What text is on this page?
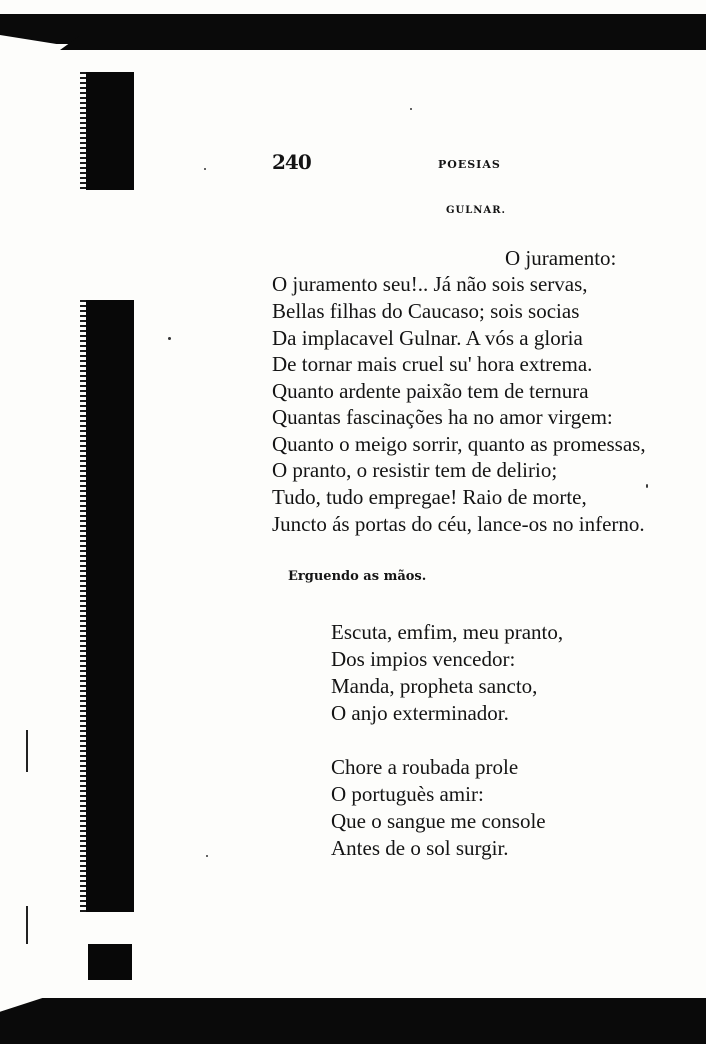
240	POESIAS
GULNAR.
O juramento:
O juramento seu!.. Já não sois servas,
Bellas filhas do Caucaso; sois socias
Da implacavel Gulnar. A vós a gloria
De tornar mais cruel su' hora extrema.
Quanto ardente paixão tem de ternura
Quantas fascinações ha no amor virgem:
Quanto o meigo sorrir, quanto as promessas,
O pranto, o resistir tem de delirio;
Tudo, tudo empregae! Raio de morte,
Juncto ás portas do céu, lance-os no inferno.
Erguendo as mãos.
Escuta, emfim, meu pranto,
Dos impios vencedor:
Manda, propheta sancto,
O anjo exterminador.
Chore a roubada prole
O portuguès amir:
Que o sangue me console
Antes de o sol surgir.
